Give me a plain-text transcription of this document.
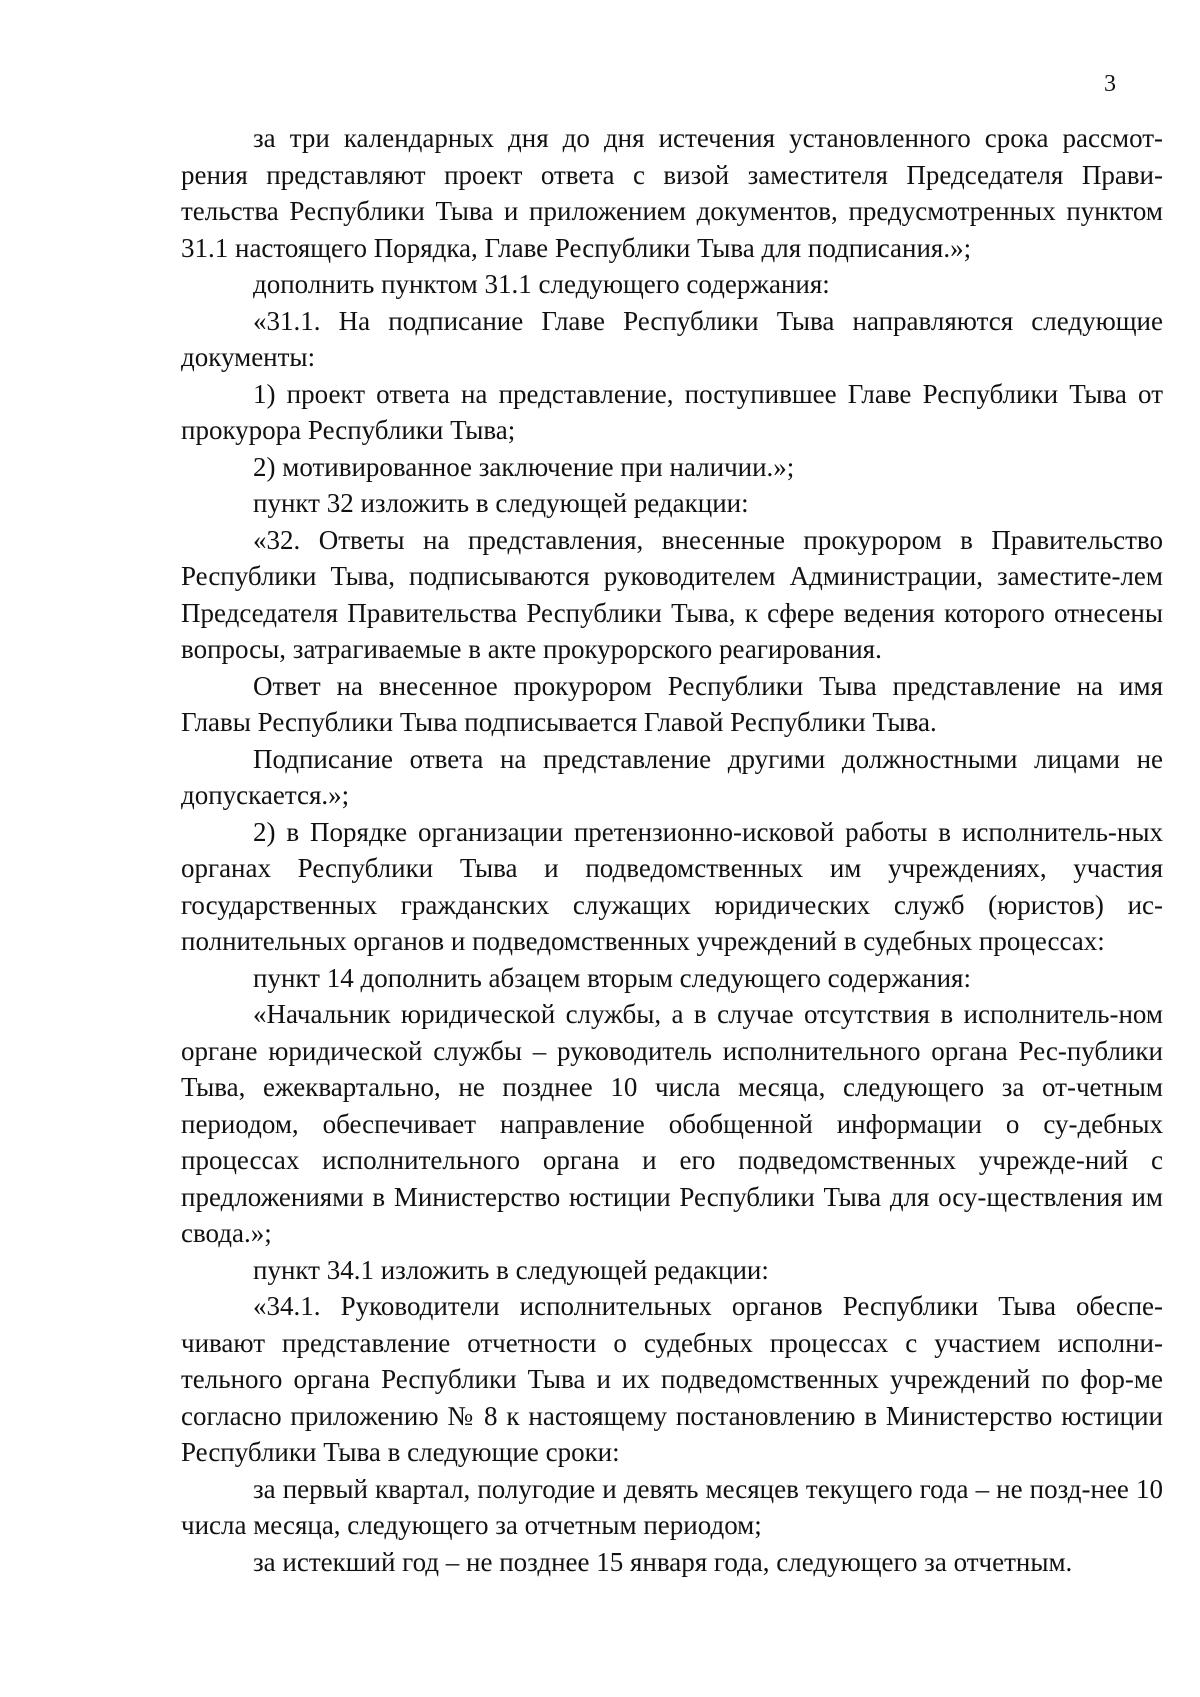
3

за три календарных дня до дня истечения установленного срока рассмот-рения представляют проект ответа с визой заместителя Председателя Прави-тельства Республики Тыва и приложением документов, предусмотренных пунктом 31.1 настоящего Порядка, Главе Республики Тыва для подписания.»;

дополнить пунктом 31.1 следующего содержания:

«31.1. На подписание Главе Республики Тыва направляются следующие документы:

1) проект ответа на представление, поступившее Главе Республики Тыва от прокурора Республики Тыва;

2) мотивированное заключение при наличии.»;

пункт 32 изложить в следующей редакции:

«32. Ответы на представления, внесенные прокурором в Правительство Республики Тыва, подписываются руководителем Администрации, заместите-лем Председателя Правительства Республики Тыва, к сфере ведения которого отнесены вопросы, затрагиваемые в акте прокурорского реагирования.

Ответ на внесенное прокурором Республики Тыва представление на имя Главы Республики Тыва подписывается Главой Республики Тыва.

Подписание ответа на представление другими должностными лицами не допускается.»;

2) в Порядке организации претензионно-исковой работы в исполнитель-ных органах Республики Тыва и подведомственных им учреждениях, участия государственных гражданских служащих юридических служб (юристов) ис-полнительных органов и подведомственных учреждений в судебных процессах:

пункт 14 дополнить абзацем вторым следующего содержания:

«Начальник юридической службы, а в случае отсутствия в исполнитель-ном органе юридической службы – руководитель исполнительного органа Рес-публики Тыва, ежеквартально, не позднее 10 числа месяца, следующего за от-четным периодом, обеспечивает направление обобщенной информации о су-дебных процессах исполнительного органа и его подведомственных учрежде-ний с предложениями в Министерство юстиции Республики Тыва для осу-ществления им свода.»;

пункт 34.1 изложить в следующей редакции:

«34.1. Руководители исполнительных органов Республики Тыва обеспе-чивают представление отчетности о судебных процессах с участием исполни-тельного органа Республики Тыва и их подведомственных учреждений по фор-ме согласно приложению № 8 к настоящему постановлению в Министерство юстиции Республики Тыва в следующие сроки:

за первый квартал, полугодие и девять месяцев текущего года – не позд-нее 10 числа месяца, следующего за отчетным периодом;

за истекший год – не позднее 15 января года, следующего за отчетным.
